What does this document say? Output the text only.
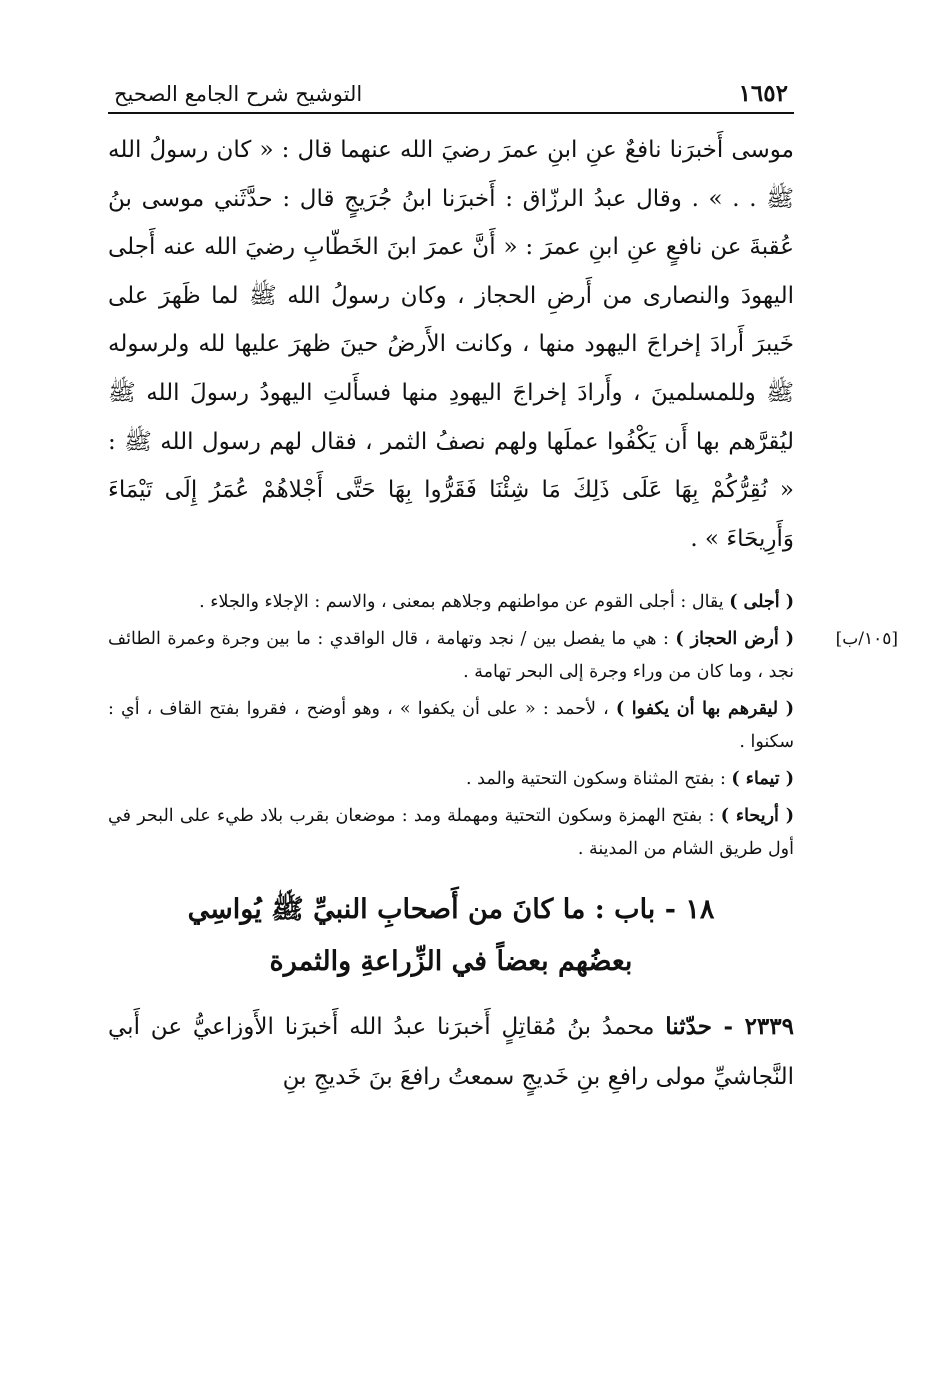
١٦٥٢
التوشيح شرح الجامع الصحيح

موسى أَخبرَنا نافعٌ عنِ ابنِ عمرَ رضيَ الله عنهما قال : « كان رسولُ الله ﷺ . . » . وقال عبدُ الرزّاق : أَخبرَنا ابنُ جُرَيجٍ قال : حدَّثَني موسى بنُ عُقبةَ عن نافعٍ عنِ ابنِ عمرَ : « أَنَّ عمرَ ابنَ الخَطّابِ رضيَ الله عنه أَجلى اليهودَ والنصارى من أَرضِ الحجاز ، وكان رسولُ الله ﷺ لما ظَهرَ على خَيبرَ أَرادَ إخراجَ اليهود منها ، وكانت الأَرضُ حينَ ظهرَ عليها لله ولرسوله ﷺ وللمسلمينَ ، وأَرادَ إخراجَ اليهودِ منها فسأَلتِ اليهودُ رسولَ الله ﷺ ليُقرَّهم بها أَن يَكْفُوا عملَها ولهم نصفُ الثمر ، فقال لهم رسول الله ﷺ : « نُقِرُّكُمْ بِهَا عَلَى ذَلِكَ مَا شِئْنَا فَقَرُّوا بِهَا حَتَّى أَجْلاهُمْ عُمَرُ إِلَى تَيْمَاءَ وَأَرِيحَاءَ » .

( أجلى ) يقال : أجلى القوم عن مواطنهم وجلاهم بمعنى ، والاسم : الإجلاء والجلاء .

[١٠٥/ب]
( أرض الحجاز ) : هي ما يفصل بين / نجد وتهامة ، قال الواقدي : ما بين وجرة وعمرة الطائف نجد ، وما كان من وراء وجرة إلى البحر تهامة .

( ليقرهم بها أن يكفوا ) ، لأحمد : « على أن يكفوا » ، وهو أوضح ، فقروا بفتح القاف ، أي : سكنوا .

( تيماء ) : بفتح المثناة وسكون التحتية والمد .

( أريحاء ) : بفتح الهمزة وسكون التحتية ومهملة ومد : موضعان بقرب بلاد طيء على البحر في أول طريق الشام من المدينة .

١٨ - باب : ما كانَ من أَصحابِ النبيِّ ﷺ يُواسِي
بعضُهم بعضاً في الزِّراعةِ والثمرة

٢٣٣٩ - حدّثنا محمدُ بنُ مُقاتِلٍ أَخبرَنا عبدُ الله أَخبرَنا الأَوزاعيُّ عن أَبي النَّجاشيِّ مولى رافعِ بنِ خَديجٍ سمعتُ رافعَ بنَ خَديجِ بنِ
